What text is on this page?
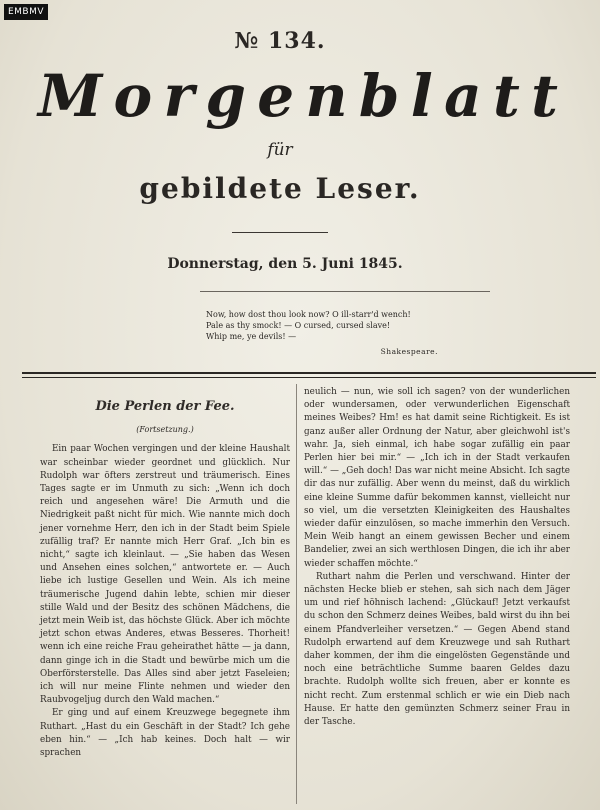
EMBMV
№ 134.
M o r g e n b l a t t
für
gebildete Leser.
Donnerstag, den 5. Juni 1845.
Now, how dost thou look now? O ill-starr'd wench!
Pale as thy smock! — O cursed, cursed slave!
Whip me, ye devils! —
Shakespeare.
Die Perlen der Fee.
(Fortsetzung.)

Ein paar Wochen vergingen und der kleine Haushalt war scheinbar wieder geordnet und glücklich. Nur Rudolph war öfters zerstreut und träumerisch. Eines Tages sagte er im Unmuth zu sich: „Wenn ich doch reich und angesehen wäre! Die Armuth und die Niedrigkeit paßt nicht für mich. Wie nannte mich doch jener vornehme Herr, den ich in der Stadt beim Spiele zufällig traf? Er nannte mich Herr Graf. „Ich bin es nicht,“ sagte ich kleinlaut. — „Sie haben das Wesen und Ansehen eines solchen,“ antwortete er. — Auch liebe ich lustige Gesellen und Wein. Als ich meine träumerische Jugend dahin lebte, schien mir dieser stille Wald und der Besitz des schönen Mädchens, die jetzt mein Weib ist, das höchste Glück. Aber ich möchte jetzt schon etwas Anderes, etwas Besseres. Thorheit! wenn ich eine reiche Frau geheirathet hätte — ja dann, dann ginge ich in die Stadt und bewürbe mich um die Oberförsterstelle. Das Alles sind aber jetzt Faseleien; ich will nur meine Flinte nehmen und wieder den Raubvogeljug durch den Wald machen.“

Er ging und auf einem Kreuzwege begegnete ihm Ruthart. „Hast du ein Geschäft in der Stadt? Ich gehe eben hin.“ — „Ich hab keines. Doch halt — wir sprachen

neulich — nun, wie soll ich sagen? von der wunderlichen oder wundersamen, oder verwunderlichen Eigenschaft meines Weibes? Hm! es hat damit seine Richtigkeit. Es ist ganz außer aller Ordnung der Natur, aber gleichwohl ist's wahr. Ja, sieh einmal, ich habe sogar zufällig ein paar Perlen hier bei mir.“ — „Ich ich in der Stadt verkaufen will.“ — „Geh doch! Das war nicht meine Absicht. Ich sagte dir das nur zufällig. Aber wenn du meinst, daß du wirklich eine kleine Summe dafür bekommen kannst, vielleicht nur so viel, um die versetzten Kleinigkeiten des Haushaltes wieder dafür einzulösen, so mache immerhin den Versuch. Mein Weib hangt an einem gewissen Becher und einem Bandelier, zwei an sich werthlosen Dingen, die ich ihr aber wieder schaffen möchte.“

Ruthart nahm die Perlen und verschwand. Hinter der nächsten Hecke blieb er stehen, sah sich nach dem Jäger um und rief höhnisch lachend: „Glückauf! Jetzt verkaufst du schon den Schmerz deines Weibes, bald wirst du ihn bei einem Pfandverleiher versetzen.“ — Gegen Abend stand Rudolph erwartend auf dem Kreuzwege und sah Ruthart daher kommen, der ihm die eingelösten Gegenstände und noch eine beträchtliche Summe baaren Geldes dazu brachte. Rudolph wollte sich freuen, aber er konnte es nicht recht. Zum erstenmal schlich er wie ein Dieb nach Hause. Er hatte den gemünzten Schmerz seiner Frau in der Tasche.
